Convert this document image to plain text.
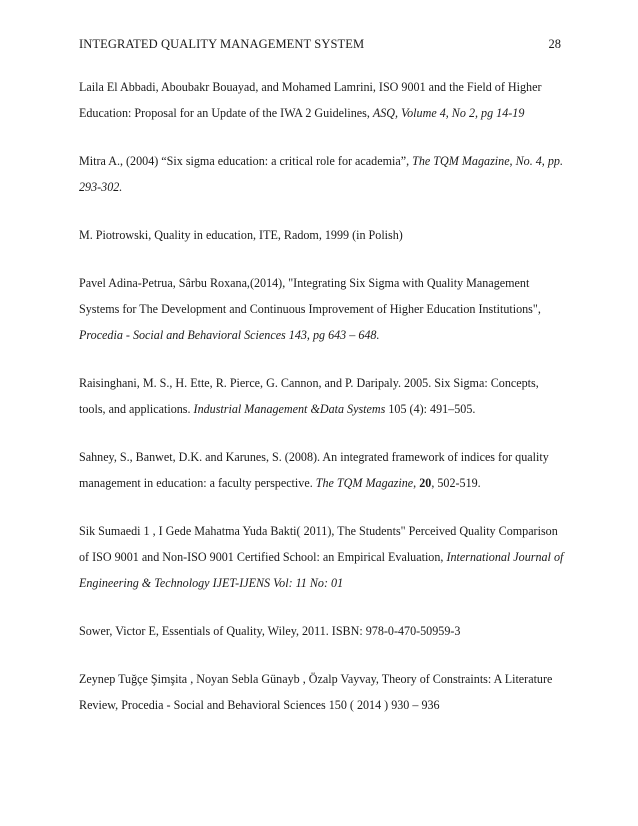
INTEGRATED QUALITY MANAGEMENT SYSTEM	28

Laila El Abbadi, Aboubakr Bouayad, and Mohamed Lamrini, ISO 9001 and the Field of Higher Education: Proposal for an Update of the IWA 2 Guidelines, ASQ, Volume 4, No 2, pg 14-19

Mitra A., (2004) “Six sigma education: a critical role for academia”, The TQM Magazine, No. 4, pp. 293-302.

M. Piotrowski, Quality in education, ITE, Radom, 1999 (in Polish)

Pavel Adina-Petrua, Sârbu Roxana,(2014), "Integrating Six Sigma with Quality Management Systems for The Development and Continuous Improvement of Higher Education Institutions", Procedia - Social and Behavioral Sciences 143, pg 643 – 648.

Raisinghani, M. S., H. Ette, R. Pierce, G. Cannon, and P. Daripaly. 2005. Six Sigma: Concepts, tools, and applications. Industrial Management &Data Systems 105 (4): 491–505.

Sahney, S., Banwet, D.K. and Karunes, S. (2008). An integrated framework of indices for quality management in education: a faculty perspective. The TQM Magazine, 20, 502-519.

Sik Sumaedi 1 , I Gede Mahatma Yuda Bakti( 2011), The Students" Perceived Quality Comparison of ISO 9001 and Non-ISO 9001 Certified School: an Empirical Evaluation, International Journal of Engineering & Technology IJET-IJENS Vol: 11 No: 01

Sower, Victor E, Essentials of Quality, Wiley, 2011. ISBN: 978-0-470-50959-3

Zeynep Tuğçe Şimşita , Noyan Sebla Günayb , Özalp Vayvay, Theory of Constraints: A Literature Review, Procedia - Social and Behavioral Sciences 150 ( 2014 ) 930 – 936
